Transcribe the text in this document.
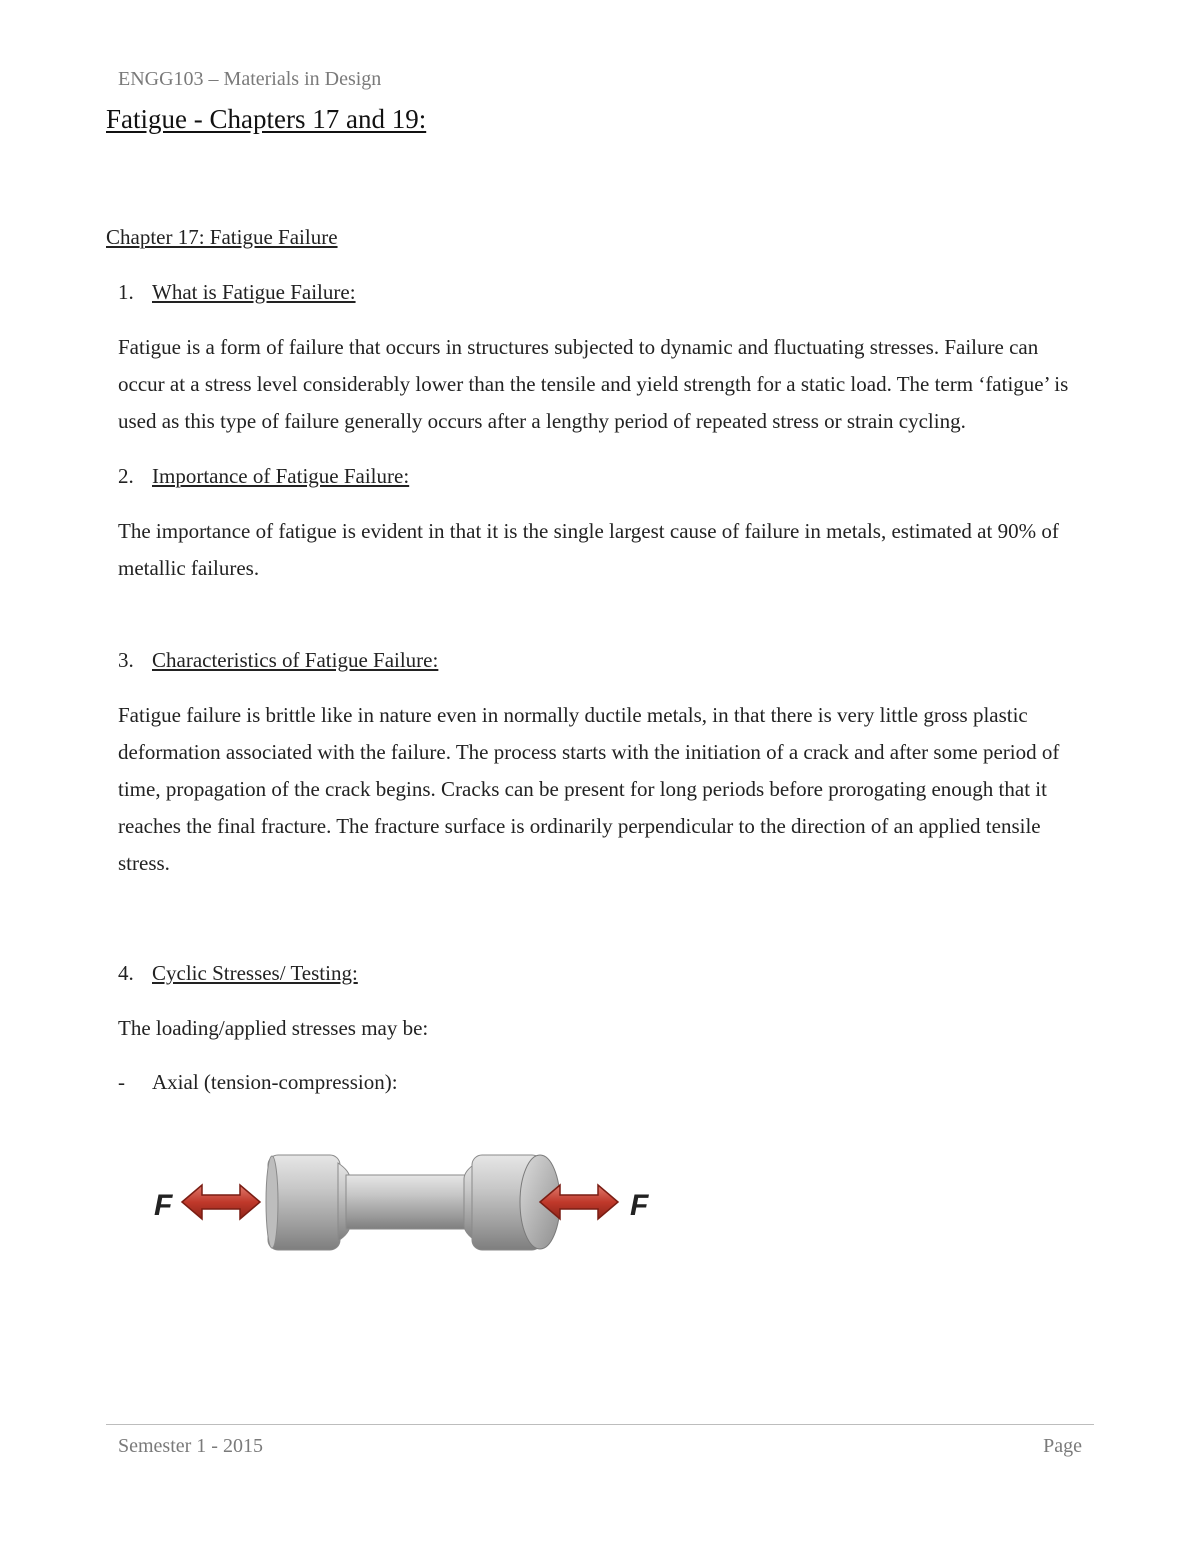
ENGG103 – Materials in Design
Fatigue - Chapters 17 and 19:
Chapter 17: Fatigue Failure
1. What is Fatigue Failure:

Fatigue is a form of failure that occurs in structures subjected to dynamic and fluctuating stresses. Failure can occur at a stress level considerably lower than the tensile and yield strength for a static load. The term ‘fatigue’ is used as this type of failure generally occurs after a lengthy period of repeated stress or strain cycling.

2. Importance of Fatigue Failure:

The importance of fatigue is evident in that it is the single largest cause of failure in metals, estimated at 90% of metallic failures.

3. Characteristics of Fatigue Failure:

Fatigue failure is brittle like in nature even in normally ductile metals, in that there is very little gross plastic deformation associated with the failure. The process starts with the initiation of a crack and after some period of time, propagation of the crack begins. Cracks can be present for long periods before prorogating enough that it reaches the final fracture. The fracture surface is ordinarily perpendicular to the direction of an applied tensile stress.

4. Cyclic Stresses/ Testing:

The loading/applied stresses may be:

- Axial (tension-compression):
F	F
Semester 1 - 2015	Page
